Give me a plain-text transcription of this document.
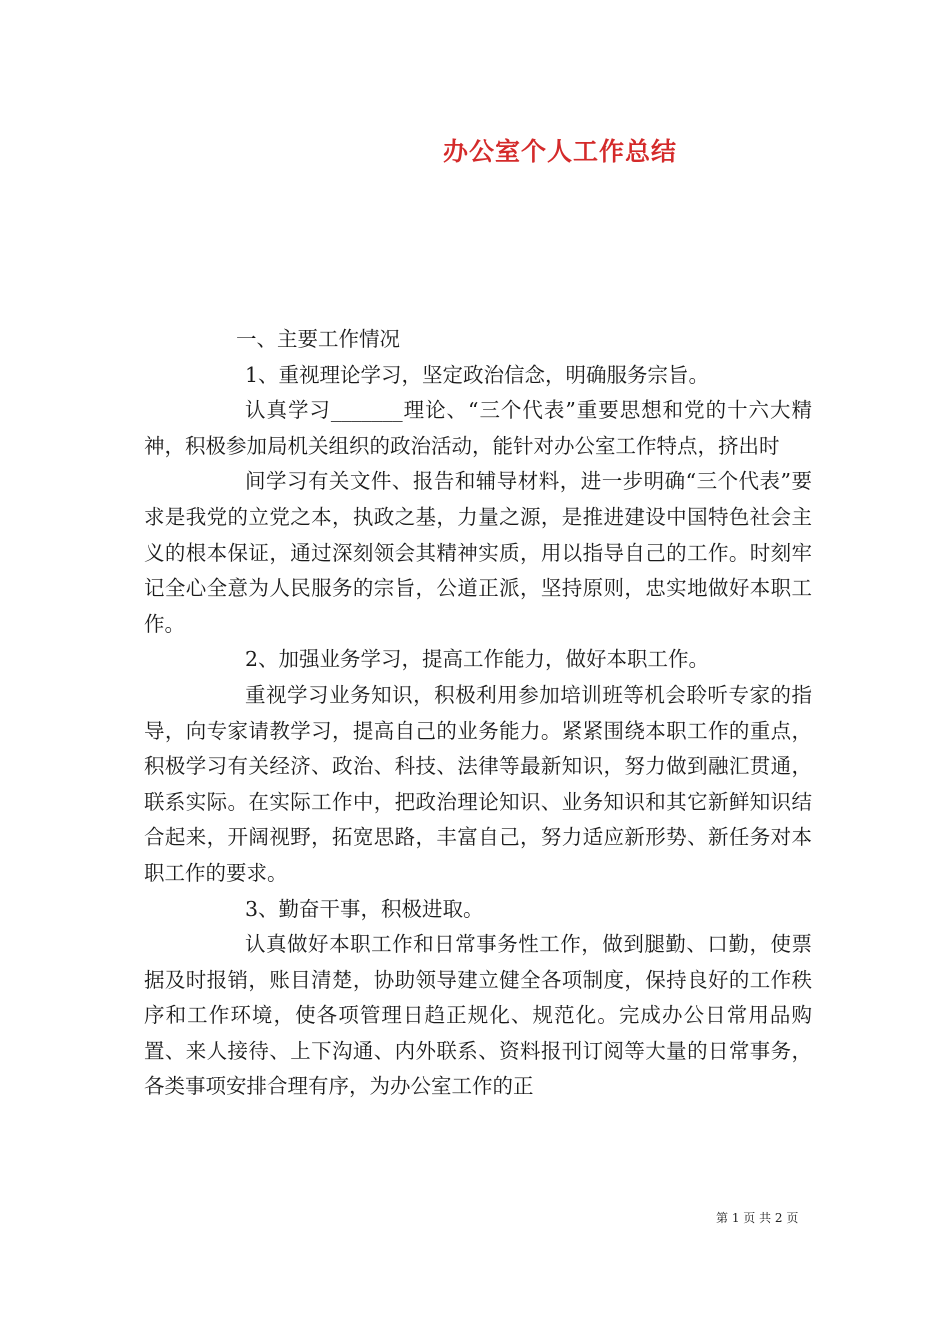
办公室个人工作总结

一、主要工作情况

1、重视理论学习，坚定政治信念，明确服务宗旨。

认真学习_______理论、“三个代表”重要思想和党的十六大精神，积极参加局机关组织的政治活动，能针对办公室工作特点，挤出时

间学习有关文件、报告和辅导材料，进一步明确“三个代表”要求是我党的立党之本，执政之基，力量之源，是推进建设中国特色社会主义的根本保证，通过深刻领会其精神实质，用以指导自己的工作。时刻牢记全心全意为人民服务的宗旨，公道正派，坚持原则，忠实地做好本职工作。

2、加强业务学习，提高工作能力，做好本职工作。

重视学习业务知识，积极利用参加培训班等机会聆听专家的指导，向专家请教学习，提高自己的业务能力。紧紧围绕本职工作的重点，积极学习有关经济、政治、科技、法律等最新知识，努力做到融汇贯通，联系实际。在实际工作中，把政治理论知识、业务知识和其它新鲜知识结合起来，开阔视野，拓宽思路，丰富自己，努力适应新形势、新任务对本职工作的要求。

3、勤奋干事，积极进取。

认真做好本职工作和日常事务性工作，做到腿勤、口勤，使票据及时报销，账目清楚，协助领导建立健全各项制度，保持良好的工作秩序和工作环境，使各项管理日趋正规化、规范化。完成办公日常用品购置、来人接待、上下沟通、内外联系、资料报刊订阅等大量的日常事务，各类事项安排合理有序，为办公室工作的正

第 1 页 共 2 页
